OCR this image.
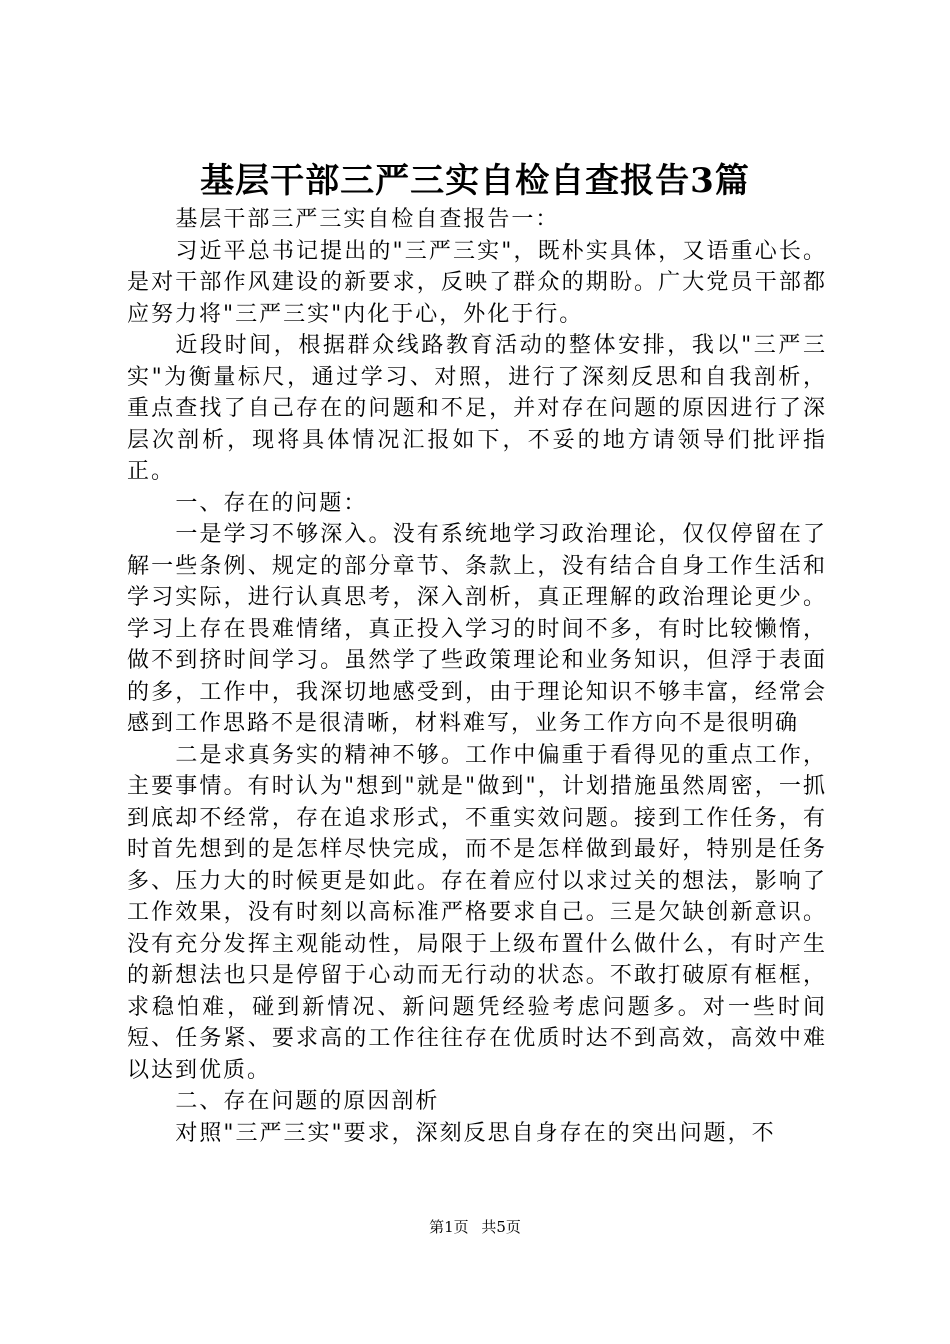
基层干部三严三实自检自查报告3篇

基层干部三严三实自检自查报告一：

习近平总书记提出的"三严三实"，既朴实具体，又语重心长。是对干部作风建设的新要求，反映了群众的期盼。广大党员干部都应努力将"三严三实"内化于心，外化于行。

近段时间，根据群众线路教育活动的整体安排，我以"三严三实"为衡量标尺，通过学习、对照，进行了深刻反思和自我剖析，重点查找了自己存在的问题和不足，并对存在问题的原因进行了深层次剖析，现将具体情况汇报如下，不妥的地方请领导们批评指正。

一、存在的问题：

一是学习不够深入。没有系统地学习政治理论，仅仅停留在了解一些条例、规定的部分章节、条款上，没有结合自身工作生活和学习实际，进行认真思考，深入剖析，真正理解的政治理论更少。学习上存在畏难情绪，真正投入学习的时间不多，有时比较懒惰，做不到挤时间学习。虽然学了些政策理论和业务知识，但浮于表面的多，工作中，我深切地感受到，由于理论知识不够丰富，经常会感到工作思路不是很清晰，材料难写，业务工作方向不是很明确

二是求真务实的精神不够。工作中偏重于看得见的重点工作，主要事情。有时认为"想到"就是"做到"，计划措施虽然周密，一抓到底却不经常，存在追求形式，不重实效问题。接到工作任务，有时首先想到的是怎样尽快完成，而不是怎样做到最好，特别是任务多、压力大的时候更是如此。存在着应付以求过关的想法，影响了工作效果，没有时刻以高标准严格要求自己。三是欠缺创新意识。没有充分发挥主观能动性，局限于上级布置什么做什么，有时产生的新想法也只是停留于心动而无行动的状态。不敢打破原有框框，求稳怕难，碰到新情况、新问题凭经验考虑问题多。对一些时间短、任务紧、要求高的工作往往存在优质时达不到高效，高效中难以达到优质。

二、存在问题的原因剖析

对照"三严三实"要求，深刻反思自身存在的突出问题，不

第1页 共5页
